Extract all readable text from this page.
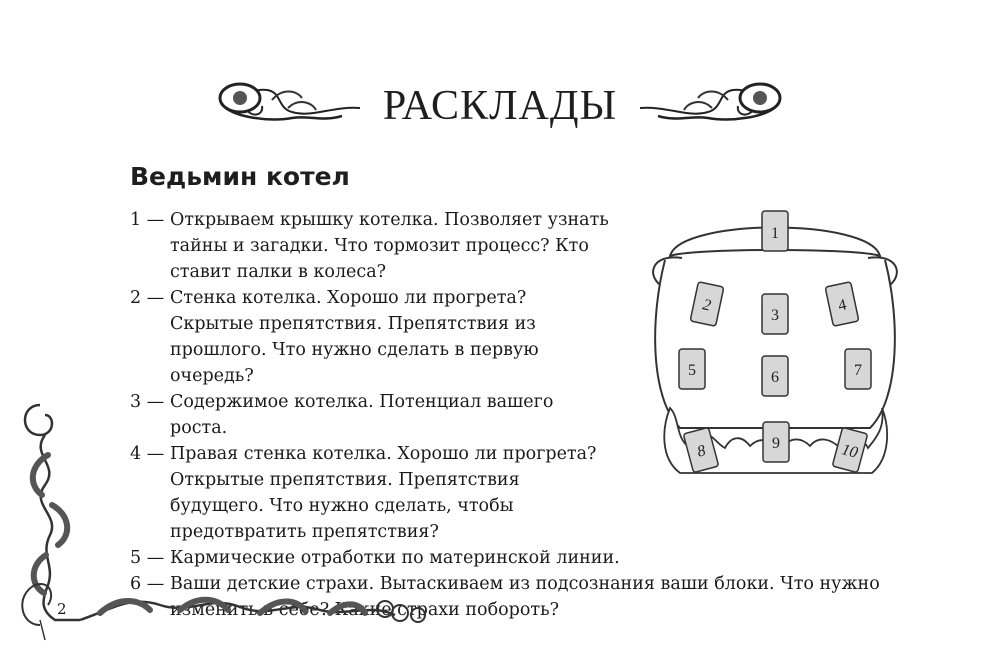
РАСКЛАДЫ
Ведьмин котел

1 — Открываем крышку котелка. Позволяет узнать тайны и загадки. Что тормозит процесс? Кто ставит палки в колеса?

2 — Стенка котелка. Хорошо ли прогрета? Скрытые препятствия. Препятствия из прошлого. Что нужно сделать в первую очередь?

3 — Содержимое котелка. Потенциал вашего роста.

4 — Правая стенка котелка. Хорошо ли прогрета? Открытые препятствия. Препятствия будущего. Что нужно сделать, чтобы предотвратить препятствия?

5 — Кармические отработки по материнской линии.

6 — Ваши детские страхи. Вытаскиваем из подсознания ваши блоки. Что нужно изменить в себе? Какие страхи побороть?

1
2
3
4
5	6	7
8	9	10
2
